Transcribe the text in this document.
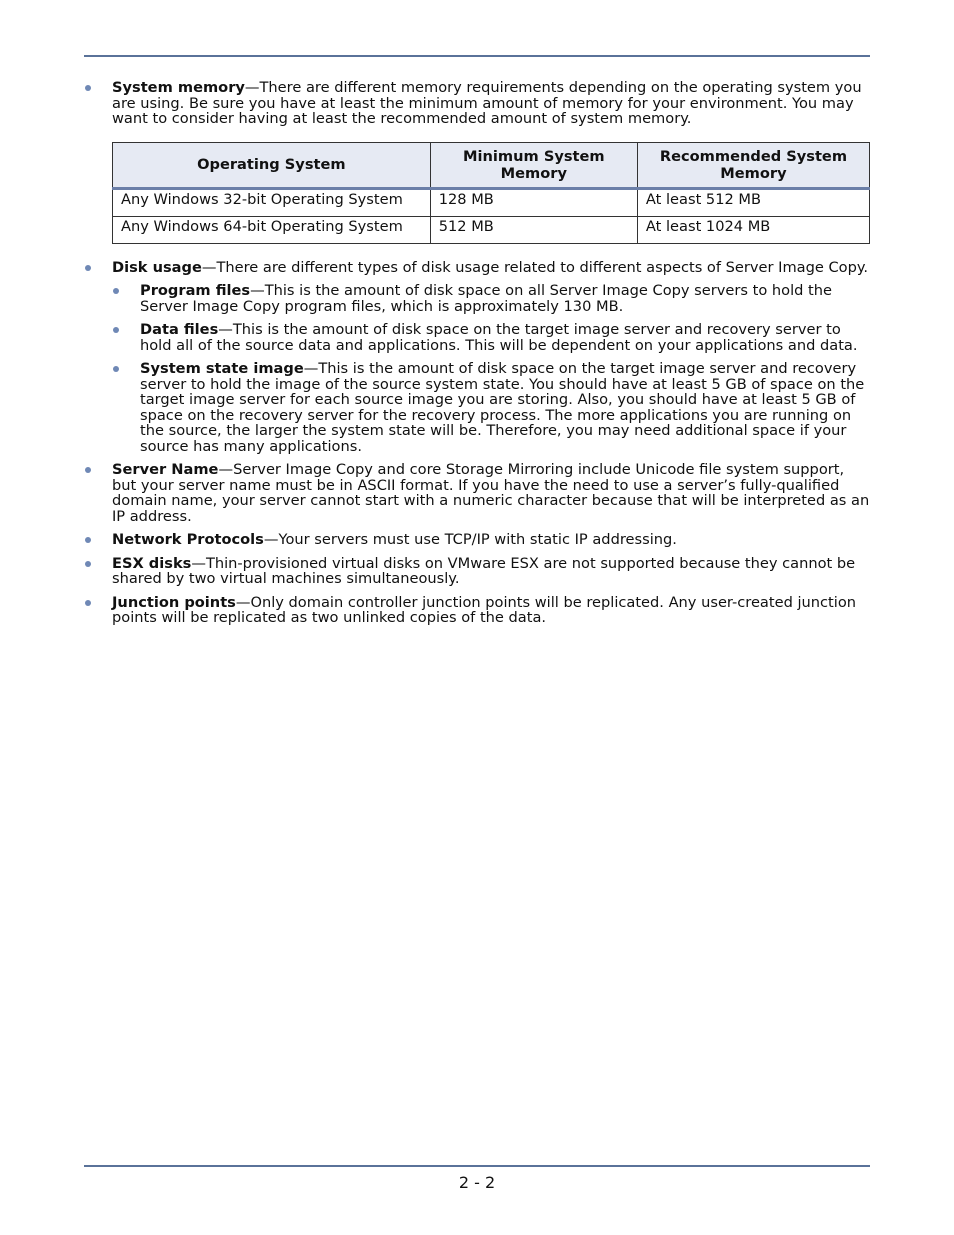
System memory—There are different memory requirements depending on the operating system you are using. Be sure you have at least the minimum amount of memory for your environment. You may want to consider having at least the recommended amount of system memory.
Operating System	Minimum System Memory	Recommended System Memory
Any Windows 32-bit Operating System	128 MB	At least 512 MB
Any Windows 64-bit Operating System	512 MB	At least 1024 MB
Disk usage—There are different types of disk usage related to different aspects of Server Image Copy.
Program files—This is the amount of disk space on all Server Image Copy servers to hold the Server Image Copy program files, which is approximately 130 MB.
Data files—This is the amount of disk space on the target image server and recovery server to hold all of the source data and applications. This will be dependent on your applications and data.
System state image—This is the amount of disk space on the target image server and recovery server to hold the image of the source system state. You should have at least 5 GB of space on the target image server for each source image you are storing. Also, you should have at least 5 GB of space on the recovery server for the recovery process. The more applications you are running on the source, the larger the system state will be. Therefore, you may need additional space if your source has many applications.
Server Name—Server Image Copy and core Storage Mirroring include Unicode file system support, but your server name must be in ASCII format. If you have the need to use a server’s fully-qualified domain name, your server cannot start with a numeric character because that will be interpreted as an IP address.
Network Protocols—Your servers must use TCP/IP with static IP addressing.
ESX disks—Thin-provisioned virtual disks on VMware ESX are not supported because they cannot be shared by two virtual machines simultaneously.
Junction points—Only domain controller junction points will be replicated. Any user-created junction points will be replicated as two unlinked copies of the data.
2 - 2
